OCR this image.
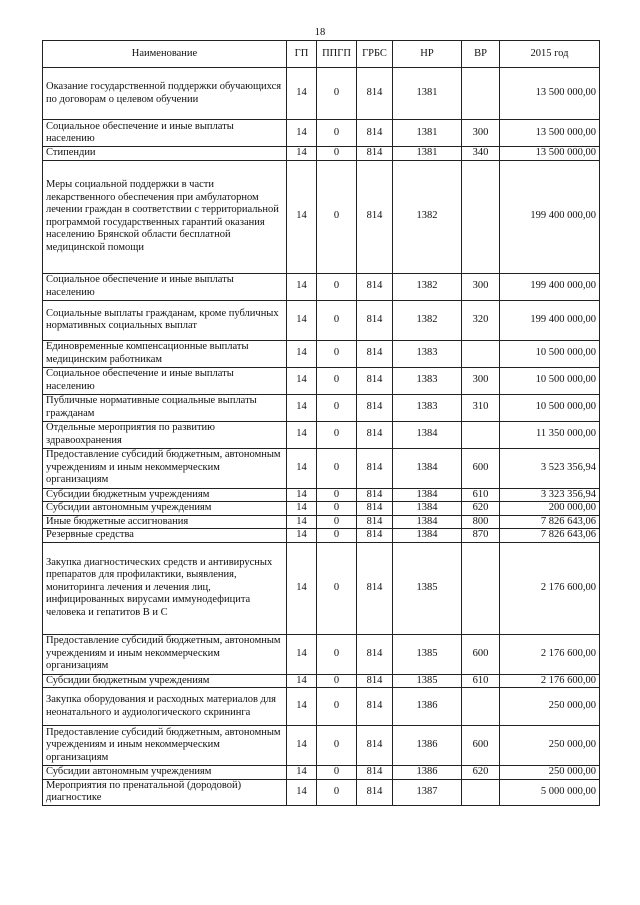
18
Наименование	ГП	ППГП	ГРБС	НР	ВР	2015 год
Оказание государственной поддержки обучающихся по договорам о целевом обучении	14	0	814	1381		13 500 000,00
Социальное обеспечение и иные выплаты населению	14	0	814	1381	300	13 500 000,00
Стипендии	14	0	814	1381	340	13 500 000,00
Меры социальной поддержки в части лекарственного обеспечения при амбулаторном лечении граждан в соответствии с территориальной программой государственных гарантий оказания населению Брянской области бесплатной медицинской помощи	14	0	814	1382		199 400 000,00
Социальное обеспечение и иные выплаты населению	14	0	814	1382	300	199 400 000,00
Социальные выплаты гражданам, кроме публичных нормативных социальных выплат	14	0	814	1382	320	199 400 000,00
Единовременные компенсационные выплаты медицинским работникам	14	0	814	1383		10 500 000,00
Социальное обеспечение и иные выплаты населению	14	0	814	1383	300	10 500 000,00
Публичные нормативные социальные выплаты гражданам	14	0	814	1383	310	10 500 000,00
Отдельные мероприятия по развитию здравоохранения	14	0	814	1384		11 350 000,00
Предоставление субсидий бюджетным, автономным учреждениям и иным некоммерческим организациям	14	0	814	1384	600	3 523 356,94
Субсидии бюджетным учреждениям	14	0	814	1384	610	3 323 356,94
Субсидии автономным учреждениям	14	0	814	1384	620	200 000,00
Иные бюджетные ассигнования	14	0	814	1384	800	7 826 643,06
Резервные средства	14	0	814	1384	870	7 826 643,06
Закупка диагностических средств и антивирусных препаратов для профилактики, выявления, мониторинга лечения и лечения лиц, инфицированных вирусами иммунодефицита человека и гепатитов В и С	14	0	814	1385		2 176 600,00
Предоставление субсидий бюджетным, автономным учреждениям и иным некоммерческим организациям	14	0	814	1385	600	2 176 600,00
Субсидии бюджетным учреждениям	14	0	814	1385	610	2 176 600,00
Закупка оборудования и расходных материалов для неонатального и аудиологического скрининга	14	0	814	1386		250 000,00
Предоставление субсидий бюджетным, автономным учреждениям и иным некоммерческим организациям	14	0	814	1386	600	250 000,00
Субсидии автономным учреждениям	14	0	814	1386	620	250 000,00
Мероприятия по пренатальной (дородовой) диагностике	14	0	814	1387		5 000 000,00
